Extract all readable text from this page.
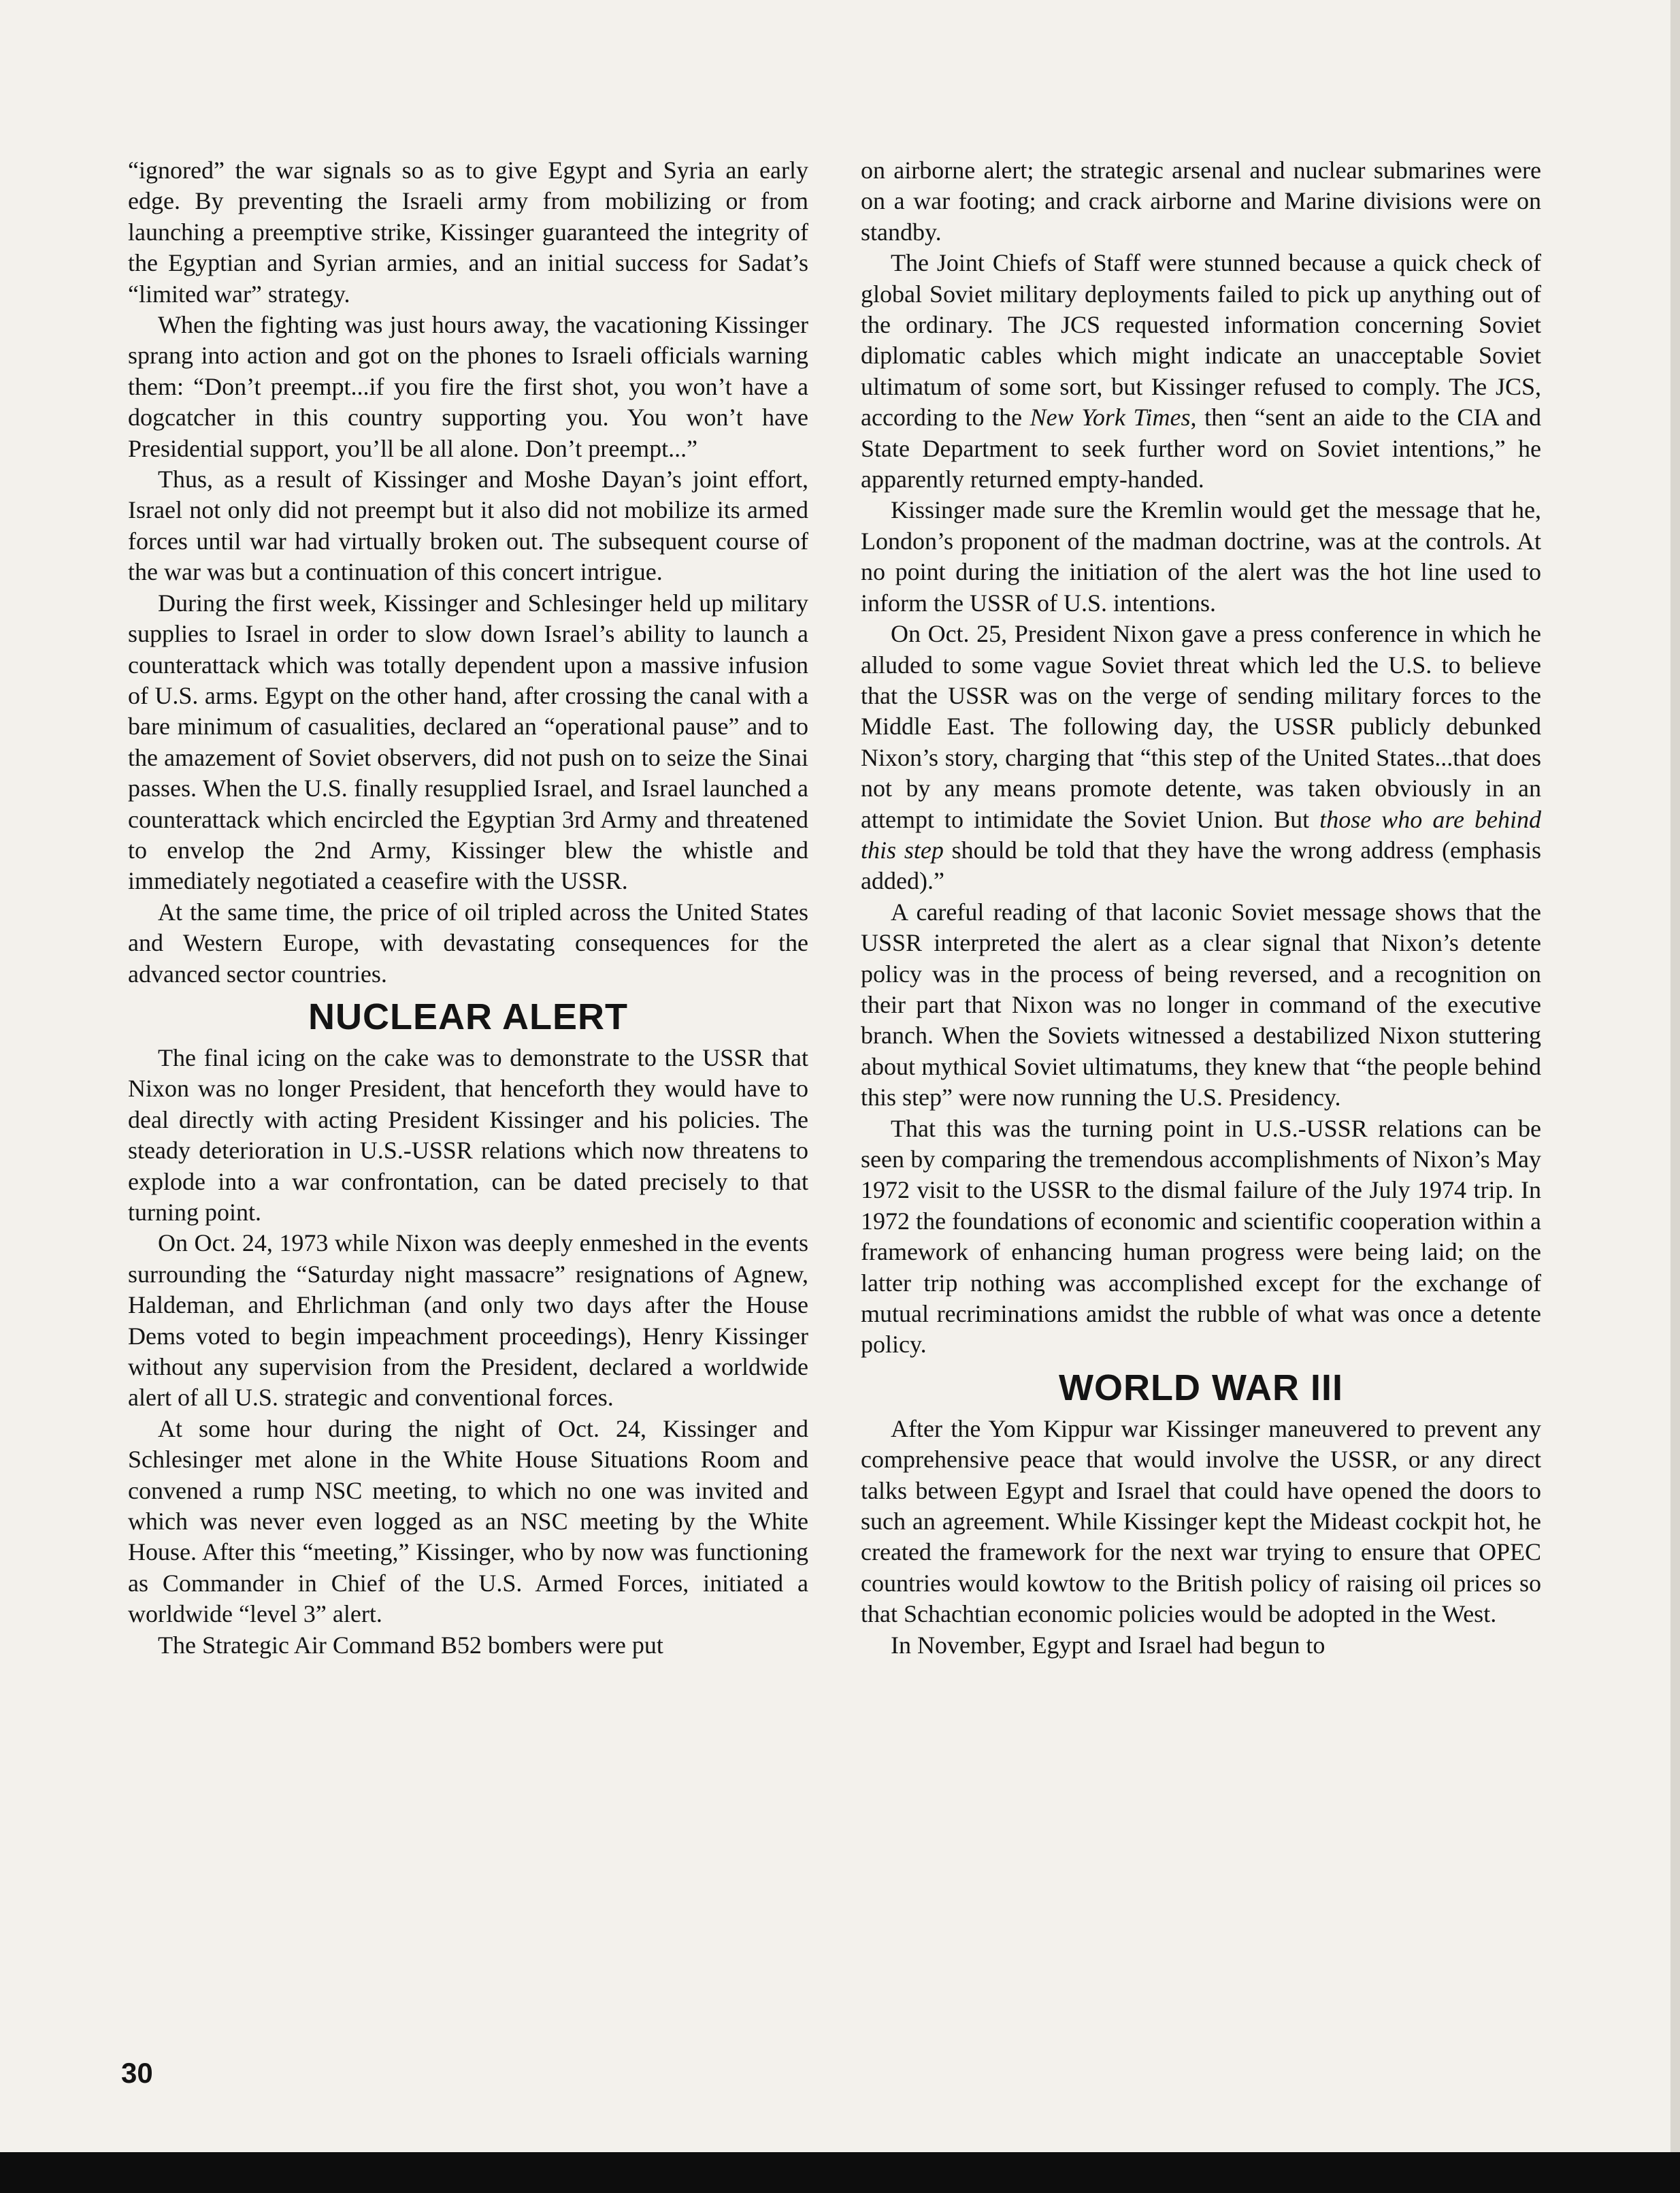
“ignored” the war signals so as to give Egypt and Syria an early edge. By preventing the Israeli army from mobilizing or from launching a preemptive strike, Kissinger guaranteed the integrity of the Egyptian and Syrian armies, and an initial success for Sadat’s “limited war” strategy.

When the fighting was just hours away, the vacationing Kissinger sprang into action and got on the phones to Israeli officials warning them: “Don’t preempt...if you fire the first shot, you won’t have a dogcatcher in this country supporting you. You won’t have Presidential support, you’ll be all alone. Don’t preempt...”

Thus, as a result of Kissinger and Moshe Dayan’s joint effort, Israel not only did not preempt but it also did not mobilize its armed forces until war had virtually broken out. The subsequent course of the war was but a continuation of this concert intrigue.

During the first week, Kissinger and Schlesinger held up military supplies to Israel in order to slow down Israel’s ability to launch a counterattack which was totally dependent upon a massive infusion of U.S. arms. Egypt on the other hand, after crossing the canal with a bare minimum of casualities, declared an “operational pause” and to the amazement of Soviet observers, did not push on to seize the Sinai passes. When the U.S. finally resupplied Israel, and Israel launched a counterattack which encircled the Egyptian 3rd Army and threatened to envelop the 2nd Army, Kissinger blew the whistle and immediately negotiated a ceasefire with the USSR.

At the same time, the price of oil tripled across the United States and Western Europe, with devastating consequences for the advanced sector countries.

NUCLEAR ALERT

The final icing on the cake was to demonstrate to the USSR that Nixon was no longer President, that henceforth they would have to deal directly with acting President Kissinger and his policies. The steady deterioration in U.S.-USSR relations which now threatens to explode into a war confrontation, can be dated precisely to that turning point.

On Oct. 24, 1973 while Nixon was deeply enmeshed in the events surrounding the “Saturday night massacre” resignations of Agnew, Haldeman, and Ehrlichman (and only two days after the House Dems voted to begin impeachment proceedings), Henry Kissinger without any supervision from the President, declared a worldwide alert of all U.S. strategic and conventional forces.

At some hour during the night of Oct. 24, Kissinger and Schlesinger met alone in the White House Situations Room and convened a rump NSC meeting, to which no one was invited and which was never even logged as an NSC meeting by the White House. After this “meeting,” Kissinger, who by now was functioning as Commander in Chief of the U.S. Armed Forces, initiated a worldwide “level 3” alert.

The Strategic Air Command B52 bombers were put

on airborne alert; the strategic arsenal and nuclear submarines were on a war footing; and crack airborne and Marine divisions were on standby.

The Joint Chiefs of Staff were stunned because a quick check of global Soviet military deployments failed to pick up anything out of the ordinary. The JCS requested information concerning Soviet diplomatic cables which might indicate an unacceptable Soviet ultimatum of some sort, but Kissinger refused to comply. The JCS, according to the New York Times, then “sent an aide to the CIA and State Department to seek further word on Soviet intentions,” he apparently returned empty-handed.

Kissinger made sure the Kremlin would get the message that he, London’s proponent of the madman doctrine, was at the controls. At no point during the initiation of the alert was the hot line used to inform the USSR of U.S. intentions.

On Oct. 25, President Nixon gave a press conference in which he alluded to some vague Soviet threat which led the U.S. to believe that the USSR was on the verge of sending military forces to the Middle East. The following day, the USSR publicly debunked Nixon’s story, charging that “this step of the United States...that does not by any means promote detente, was taken obviously in an attempt to intimidate the Soviet Union. But those who are behind this step should be told that they have the wrong address (emphasis added).”

A careful reading of that laconic Soviet message shows that the USSR interpreted the alert as a clear signal that Nixon’s detente policy was in the process of being reversed, and a recognition on their part that Nixon was no longer in command of the executive branch. When the Soviets witnessed a destabilized Nixon stuttering about mythical Soviet ultimatums, they knew that “the people behind this step” were now running the U.S. Presidency.

That this was the turning point in U.S.-USSR relations can be seen by comparing the tremendous accomplishments of Nixon’s May 1972 visit to the USSR to the dismal failure of the July 1974 trip. In 1972 the foundations of economic and scientific cooperation within a framework of enhancing human progress were being laid; on the latter trip nothing was accomplished except for the exchange of mutual recriminations amidst the rubble of what was once a detente policy.

WORLD WAR III

After the Yom Kippur war Kissinger maneuvered to prevent any comprehensive peace that would involve the USSR, or any direct talks between Egypt and Israel that could have opened the doors to such an agreement. While Kissinger kept the Mideast cockpit hot, he created the framework for the next war trying to ensure that OPEC countries would kowtow to the British policy of raising oil prices so that Schachtian economic policies would be adopted in the West.

In November, Egypt and Israel had begun to

30
